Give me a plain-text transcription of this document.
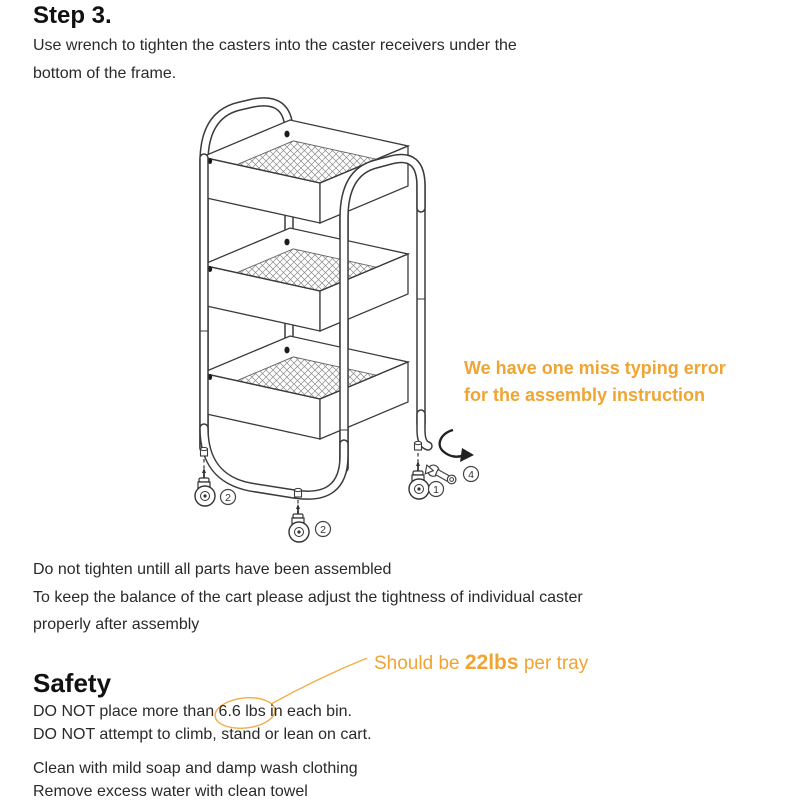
Step 3.
Use wrench to tighten the casters into the caster receivers under the
bottom of the frame.
2
2
1
4
We have one miss typing error
for the assembly instruction
Do not tighten untill all parts have been assembled
To keep the balance of the cart please adjust the tightness of individual caster
properly after assembly
Should be 22lbs per tray
Safety
DO NOT place more than 6.6 lbs in each bin.
DO NOT attempt to climb, stand or lean on cart.
Clean with mild soap and damp wash clothing
Remove excess water with clean towel
